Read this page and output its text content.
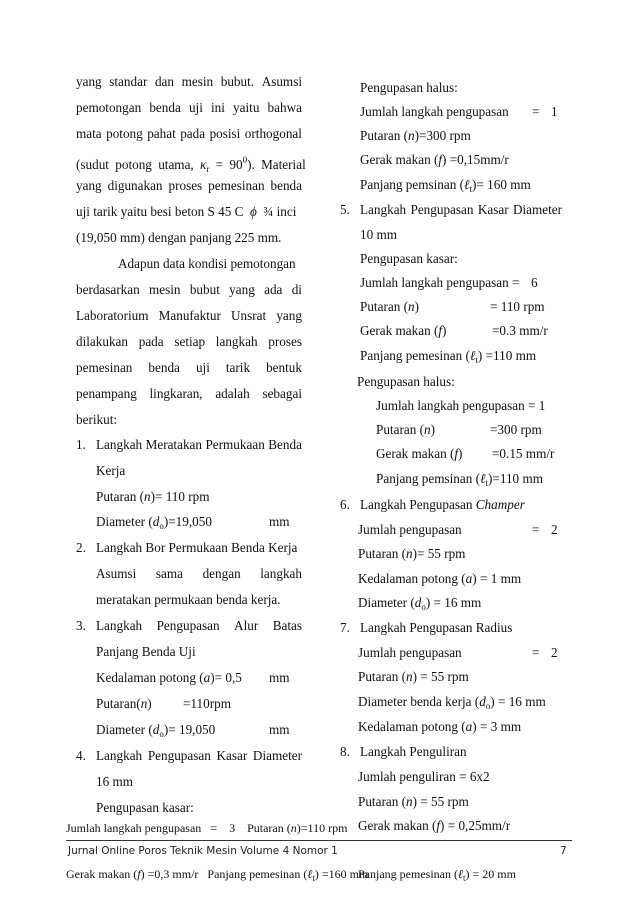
yang standar dan mesin bubut. Asumsi
pemotongan benda uji ini yaitu bahwa
mata potong pahat pada posisi orthogonal
(sudut potong utama, $\kappa_r = 90^0$). Material
yang digunakan proses pemesinan benda
uji tarik yaitu besi beton S 45 C ϕ ¾ inci
(19,050 mm) dengan panjang 225 mm.
Adapun data kondisi pemotongan
berdasarkan mesin bubut yang ada di
Laboratorium Manufaktur Unsrat yang
dilakukan pada setiap langkah proses
pemesinan benda uji tarik bentuk
penampang lingkaran, adalah sebagai
berikut:
1. Langkah Meratakan Permukaan Benda
Kerja
Putaran (n)= 110 rpm
Diameter $(d_o)=19,050$	mm
2. Langkah Bor Permukaan Benda Kerja
Asumsi sama dengan langkah
meratakan permukaan benda kerja.
3. Langkah Pengupasan Alur Batas
Panjang Benda Uji
Kedalaman potong (a)= 0,5 mm
Putaran(n) =110rpm
Diameter $(d_o)= 19,050$	mm
4. Langkah Pengupasan Kasar Diameter
16 mm
Pengupasan kasar:
Pengupasan halus:
Jumlah langkah pengupasan = 1
Putaran (n)=300 rpm
Gerak makan (f) =0,15mm/r
Panjang pemsinan (ℓ$_t$)= 160 mm
5. Langkah Pengupasan Kasar Diameter
10 mm
Pengupasan kasar:
Jumlah langkah pengupasan = 6
Putaran (n)	= 110 rpm
Gerak makan (f)	=0.3 mm/r
Panjang pemesinan (ℓ$_t$) =110 mm
Pengupasan halus:
Jumlah langkah pengupasan = 1
Putaran (n)	=300 rpm
Gerak makan (f) =0.15 mm/r
Panjang pemsinan (ℓ$_t$)=110 mm
6. Langkah Pengupasan Champer
Jumlah pengupasan	= 2
Putaran (n)= 55 rpm
Kedalaman potong (a) = 1 mm
Diameter $(d_o) = 16$ mm
7. Langkah Pengupasan Radius
Jumlah pengupasan	= 2
Putaran (n) = 55 rpm
Diameter benda kerja $(d_o) = 16$ mm
Kedalaman potong (a) = 3 mm
8. Langkah Penguliran
Jumlah penguliran = 6x2
Putaran (n) = 55 rpm
Gerak makan (f) = 0,25mm/r
Jurnal Online Poros Teknik Mesin Volume 4 Nomor 1	7
Jumlah langkah pengupasan = 3 Putaran (n)=110 rpm
Gerak makan (f) =0,3 mm/r Panjang pemesinan (ℓ$_t$) =160 mm
Panjang pemesinan (ℓ$_t$) = 20 mm
